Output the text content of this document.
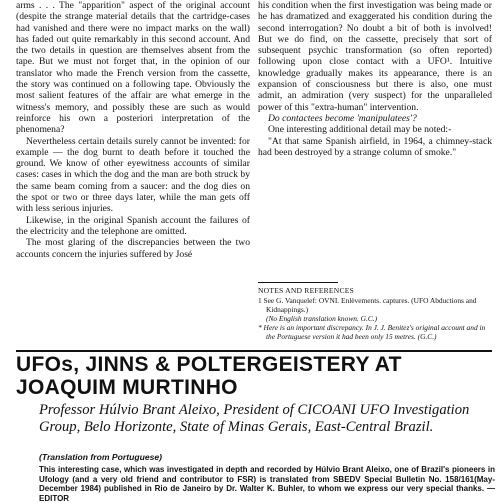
arms . . . The "apparition" aspect of the original account (despite the strange material details that the cartridge-cases had vanished and there were no impact marks on the wall) has faded out quite remarkably in this second account. And the two details in question are themselves absent from the tape. But we must not forget that, in the opinion of our translator who made the French version from the cassette, the story was continued on a following tape. Obviously the most salient features of the affair are what emerge in the witness's memory, and possibly these are such as would reinforce his own a posteriori interpretation of the phenomena?

Nevertheless certain details surely cannot be invented: for example — the dog burnt to death before it touched the ground. We know of other eyewitness accounts of similar cases: cases in which the dog and the man are both struck by the same beam coming from a saucer: and the dog dies on the spot or two or three days later, while the man gets off with less serious injuries.

Likewise, in the original Spanish account the failures of the electricity and the telephone are omitted.

The most glaring of the discrepancies between the two accounts concern the injuries suffered by José

his condition when the first investigation was being made or he has dramatized and exaggerated his condition during the second interrogation? No doubt a bit of both is involved! But we do find, on the cassette, precisely that sort of subsequent psychic transformation (so often reported) following upon close contact with a UFO¹. Intuitive knowledge gradually makes its appearance, there is an expansion of consciousness but there is also, one must admit, an admiration (very suspect) for the unparalleled power of this "extra-human" intervention.

Do contactees become 'manipulatees'?

One interesting additional detail may be noted:-

"At that same Spanish airfield, in 1964, a chimney-stack had been destroyed by a strange column of smoke."

NOTES AND REFERENCES
1 See G. Vanquelef: OVNI. Enlèvements. captures. (UFO Abductions and Kidnappings.)
(No English translation known. G.C.)
* Here is an important discrepancy. In J. J. Benitez's original account and in the Portuguese version it had been only 15 metres. (G.C.)
UFOs, JINNS & POLTERGEISTERY AT JOAQUIM MURTINHO
Professor Húlvio Brant Aleixo, President of CICOANI UFO Investigation Group, Belo Horizonte, State of Minas Gerais, East-Central Brazil.
(Translation from Portuguese)
This interesting case, which was investigated in depth and recorded by Húlvio Brant Aleixo, one of Brazil's pioneers in Ufology (and a very old friend and contributor to FSR) is translated from SBEDV Special Bulletin No. 158/161(May-December 1984) published in Rio de Janeiro by Dr. Walter K. Buhler, to whom we express our very special thanks. — EDITOR
